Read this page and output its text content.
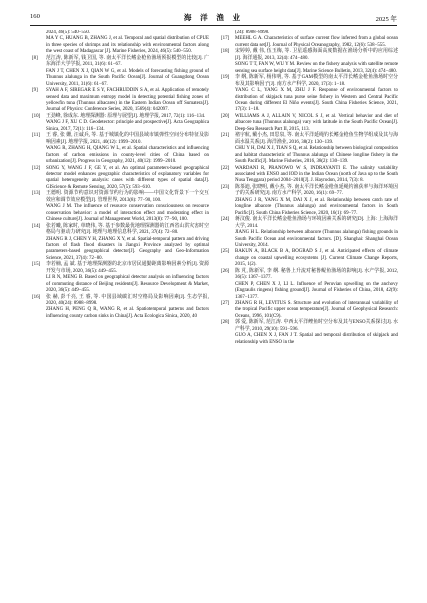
160	海 洋 渔 业	2025 年
2024, 46(5): 540−550.
MA Y C, HUANG B, ZHANG J, et al. Temporal and spatial distribution of CPUE in three species of shrimps and its relationship with environmental factors along the west coast of Madagascar [J]. Marine Fisheries, 2024, 46(5): 540−550.
[8]	范江涛, 陈新军, 钱卫国, 等. 南太平洋长鳍金枪鱼渔场预报模型的比较[J]. 广东海洋大学学报, 2011, 31(6): 61−67.
FAN J T, CHEN X J, QIAN W G, et al. Models of forecasting fishing ground of Thunnus alalunga in the South Pacific Ocean[J]. Journal of Guangdong Ocean University, 2011, 31(6): 61−67.
[9]	SYAH A F, SIREGAR E S Y, FACHRUDDIN S A, et al. Application of remotely sensed data and maximum entropy model in detecting potential fishing zones of yellowfin tuna (Thunnus albacares) in the Eastern Indian Ocean off Sumatera[J]. Journal of Physics: Conference Series, 2020, 1569(4): 042097.
[10]	王劲峰, 徐成东. 地理探测器: 原理与展望[J]. 地理学报, 2017, 72(1): 116−134.
WANG J F, XU C D. Geodetector: principle and prospective[J]. Acta Geographica Sinica, 2017, 72(1): 116−134.
[11]	王 睿, 张 姗, 汪诚兵, 等. 基于城镇化的中国县域市镇弹性空间分布特征及影响因素[J]. 地理学报, 2021, 40(12): 1999−2010.
WANG R, ZHANG H, QIANG W L, et al. Spatial characteristics and influencing factors of carbon emissions in county-level cities of China based on urbanization[J]. Progress in Geography, 2021, 40(12): 1999−2010.
[12]	SONG Y, WANG J F, GE Y, et al. An optimal parameters-based geographical detector model enhances geographic characteristics of explanatory variables for spatial heterogeneity analysis: cases with different types of spatial data[J]. GIScience & Remote Sensing, 2020, 57(5): 593−610.
[13]	王德明. 资源节约意识对资源节约行为的影响——中国文化背景下一个交互效应和调节效应模型[J]. 管理世界, 2013(8): 77−90, 100.
WANG J M. The influence of resource conservation consciousness on resource conservation behavior: a model of interaction effect and moderating effect in Chinese culture[J]. Journal of Management World, 2013(8): 77−90, 100.
[14]	张若曦, 陈家时, 单晓伟, 等. 基于参数最优地理探测器的江西省山洪灾害时空格局与驱动力研究[J]. 地理与地理信息科学, 2021, 37(4): 72−80.
ZHANG R J, CHEN Y H, ZHANG X Y, et al. Spatial-temporal pattern and driving factors of flash flood disasters in Jiangxi Province analyzed by optimal parameters-based geographical detector[J]. Geography and Geo-Information Science, 2021, 37(4): 72−80.
[15]	李若楠, 孟 斌. 基于地理探测器的北京市居民通勤距离影响因素分析[J]. 资源开发与市场, 2020, 36(5): 449−455.
LI R N, MENG B. Based on geographical detector analysis on influencing factors of commuting distance of Beijing residents[J]. Resource Development & Market, 2020, 36(5): 449−455.
[16]	张 赫, 彭千亮, 王 睿, 等. 中国县域碳汇时空格局及影响因素[J]. 生态学报, 2020, 40(24): 8988−8998.
ZHANG H, PENG Q R, WANG R, et al. Spatiotemporal patterns and factors influencing county carbon sinks in China[J]. Acta Ecologica Sinica, 2020, 40
(24): 8988−8998.
[17]	MEEHL G A. Characteristics of surface current flow inferred from a global ocean current data set[J]. Journal of Physical Oceanography, 1982, 12(6): 538−555.
[18]	宋婷婷, 戴 伟, 伍玉梅, 等. 卫星遥感海面高度数据在渔场分析中的应用综述[J]. 海洋通报, 2013, 32(4): 474−480.
SONG T T, FAN W, WU Y M. Review on the fishery analysis with satellite remote sensing sea surface height data[J]. Marine Science Bulletin, 2013, 32(4): 474−480.
[19]	李 纲, 陈新军, 杨伟明, 等. 基于GAM模型的南太平洋长鳍金枪鱼渔场时空分布及其影响因子[J]. 南方水产科学, 2020, 17(3): 1−18.
YANG C L, YANG X M, ZHU J F. Response of environmental factors to distribution of skipjack tuna purse seine fishery in Western and Central Pacific Ocean during different El Niño events[J]. South China Fisheries Science, 2021, 17(3): 1−18.
[20]	WILLIAMS A J, ALLAIN V, NICOL S J, et al. Vertical behavior and diet of albacore tuna (Thunnus alalunga) vary with latitude in the South Pacific Ocean[J]. Deep-Sea Research Part II, 2015, 113.
[21]	褚宇航, 戴小杰, 田思泉, 等. 南太平洋延绳钓长鳍金枪鱼生物学组成及其与海面水温关系[J]. 海洋渔业, 2016, 38(2): 130−139.
CHU Y H, DAI X J, TIAN S Q, et al. Relationship between biological composition and habitat characteristic of Thunnus alalunga of Chinese longline fishery in the South Pacific[J]. Marine Fisheries, 2016, 38(2): 130−139.
[22]	WARDANI R, PRANOWO W S, INDRAYANTI E. The salinity variability associated with ENSO and IOD in the Indian Ocean (north of Java up to the South Nusa Tenggara) period 2004−2010[J]. J. Hayrodon, 2014, 7(3): 8.
[23]	陈茶迪, 张晓明, 戴小杰, 等. 南太平洋长鳍金枪鱼延绳钓渔获率与海洋环境因子的关系研究[J]. 南方水产科学, 2020, 16(1): 69−77.
ZHANG J R, YANG X M, DAI X J, et al. Relationship between catch rate of longline albacore (Thunnus alalunga) and environmental factors in South Pacific[J]. South China Fisheries Science, 2020, 16(1): 69−77.
[24]	蒋汶俊. 南太平洋长鳍金枪鱼渔场与环境因素关系的研究[D]. 上海: 上海海洋大学, 2014.
JIANG H L. Relationship between albacore (Thunnus alalunga) fishing grounds in South Pacific Ocean and environmental factors. [D]. Shanghai: Shanghai Ocean University, 2014.
[25]	BAKUN A, BLACK B A, BOGRAD S J, et al. Anticipated effects of climate change on coastal upwelling ecosystems [J]. Current Climate Change Reports, 2015, 1(2).
[26]	陈 芃, 陈新军, 李 纲. 秘鲁上升流对秘鲁鳀鱼渔场的影响[J]. 水产学报, 2012, 36(5): 1367−1377.
CHEN P, CHEN X J, LI L. Influence of Peruvian upwelling on the anchovy (Engraulis ringens) fishing ground[J]. Journal of Fisheries of China, 2018, 42(9): 1367−1377.
[27]	ZHANG R H, LEVITUS S. Structure and evolution of interannual variability of the tropical Pacific upper ocean temperature[J]. Journal of Geophysical Research: Oceans, 1996, 101(C9).
[28]	郭 爱, 陈新军, 范江涛. 中西太平洋鲣鱼时空分布及其与ENSO关系探讨[J]. 水产科学, 2010, 29(10): 591−596.
GUO A, CHEN X J, FAN J T. Spatial and temporal distribution of skipjack and relationship with ENSO in the
